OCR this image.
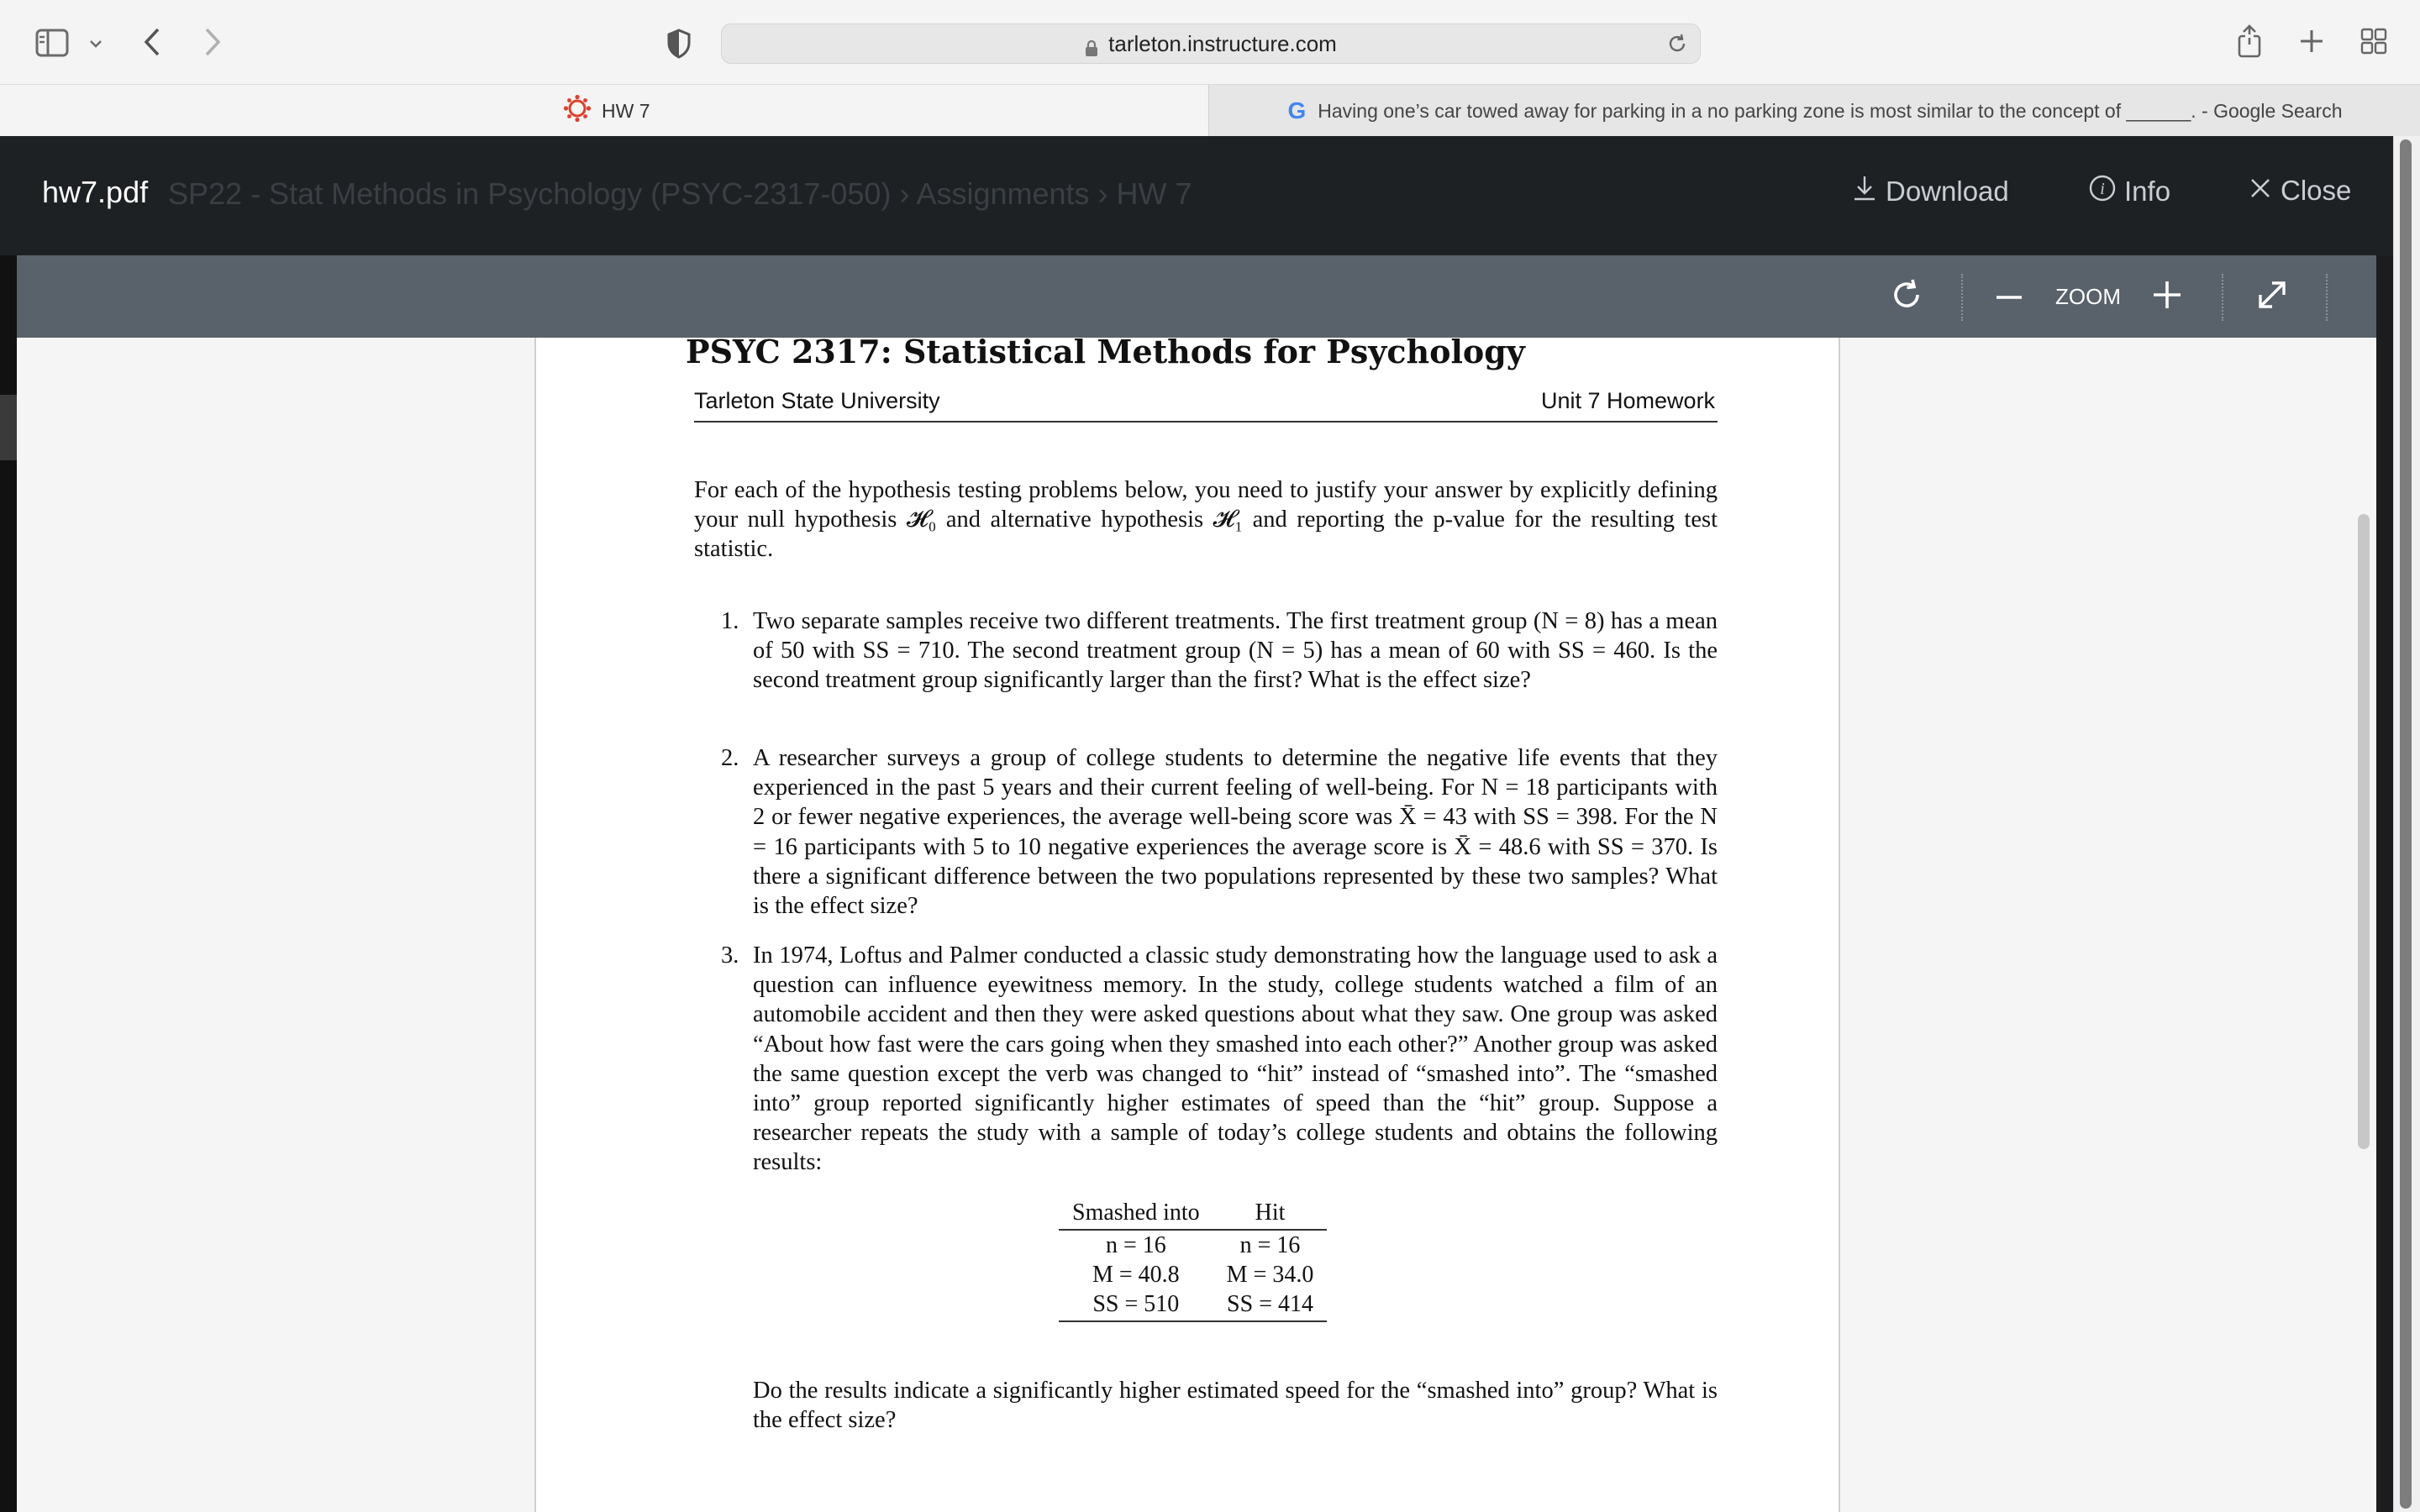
tarleton.instructure.com
HW 7	G Having one’s car towed away for parking in a no parking zone is most similar to the concept of ______. - Google Search
SP22 - Stat Methods in Psychology (PSYC-2317-050) › Assignments › HW 7
hw7.pdf	Download	i Info	Close
ZOOM
PSYC 2317: Statistical Methods for Psychology
Tarleton State University	Unit 7 Homework

For each of the hypothesis testing problems below, you need to justify your answer by explicitly defining your null hypothesis 𝓗₀ and alternative hypothesis 𝓗₁ and reporting the p-value for the resulting test statistic.

1. Two separate samples receive two different treatments. The first treatment group (N = 8) has a mean of 50 with SS = 710. The second treatment group (N = 5) has a mean of 60 with SS = 460. Is the second treatment group significantly larger than the first? What is the effect size?

2. A researcher surveys a group of college students to determine the negative life events that they experienced in the past 5 years and their current feeling of well-being. For N = 18 participants with 2 or fewer negative experiences, the average well-being score was X̄ = 43 with SS = 398. For the N = 16 participants with 5 to 10 negative experiences the average score is X̄ = 48.6 with SS = 370. Is there a significant difference between the two populations represented by these two samples? What is the effect size?

3. In 1974, Loftus and Palmer conducted a classic study demonstrating how the language used to ask a question can influence eyewitness memory. In the study, college students watched a film of an automobile accident and then they were asked questions about what they saw. One group was asked “About how fast were the cars going when they smashed into each other?” Another group was asked the same question except the verb was changed to “hit” instead of “smashed into”. The “smashed into” group reported significantly higher estimates of speed than the “hit” group. Suppose a researcher repeats the study with a sample of today’s college students and obtains the following results:

Smashed into	Hit
n = 16	n = 16
M = 40.8	M = 34.0
SS = 510	SS = 414

Do the results indicate a significantly higher estimated speed for the “smashed into” group? What is the effect size?
